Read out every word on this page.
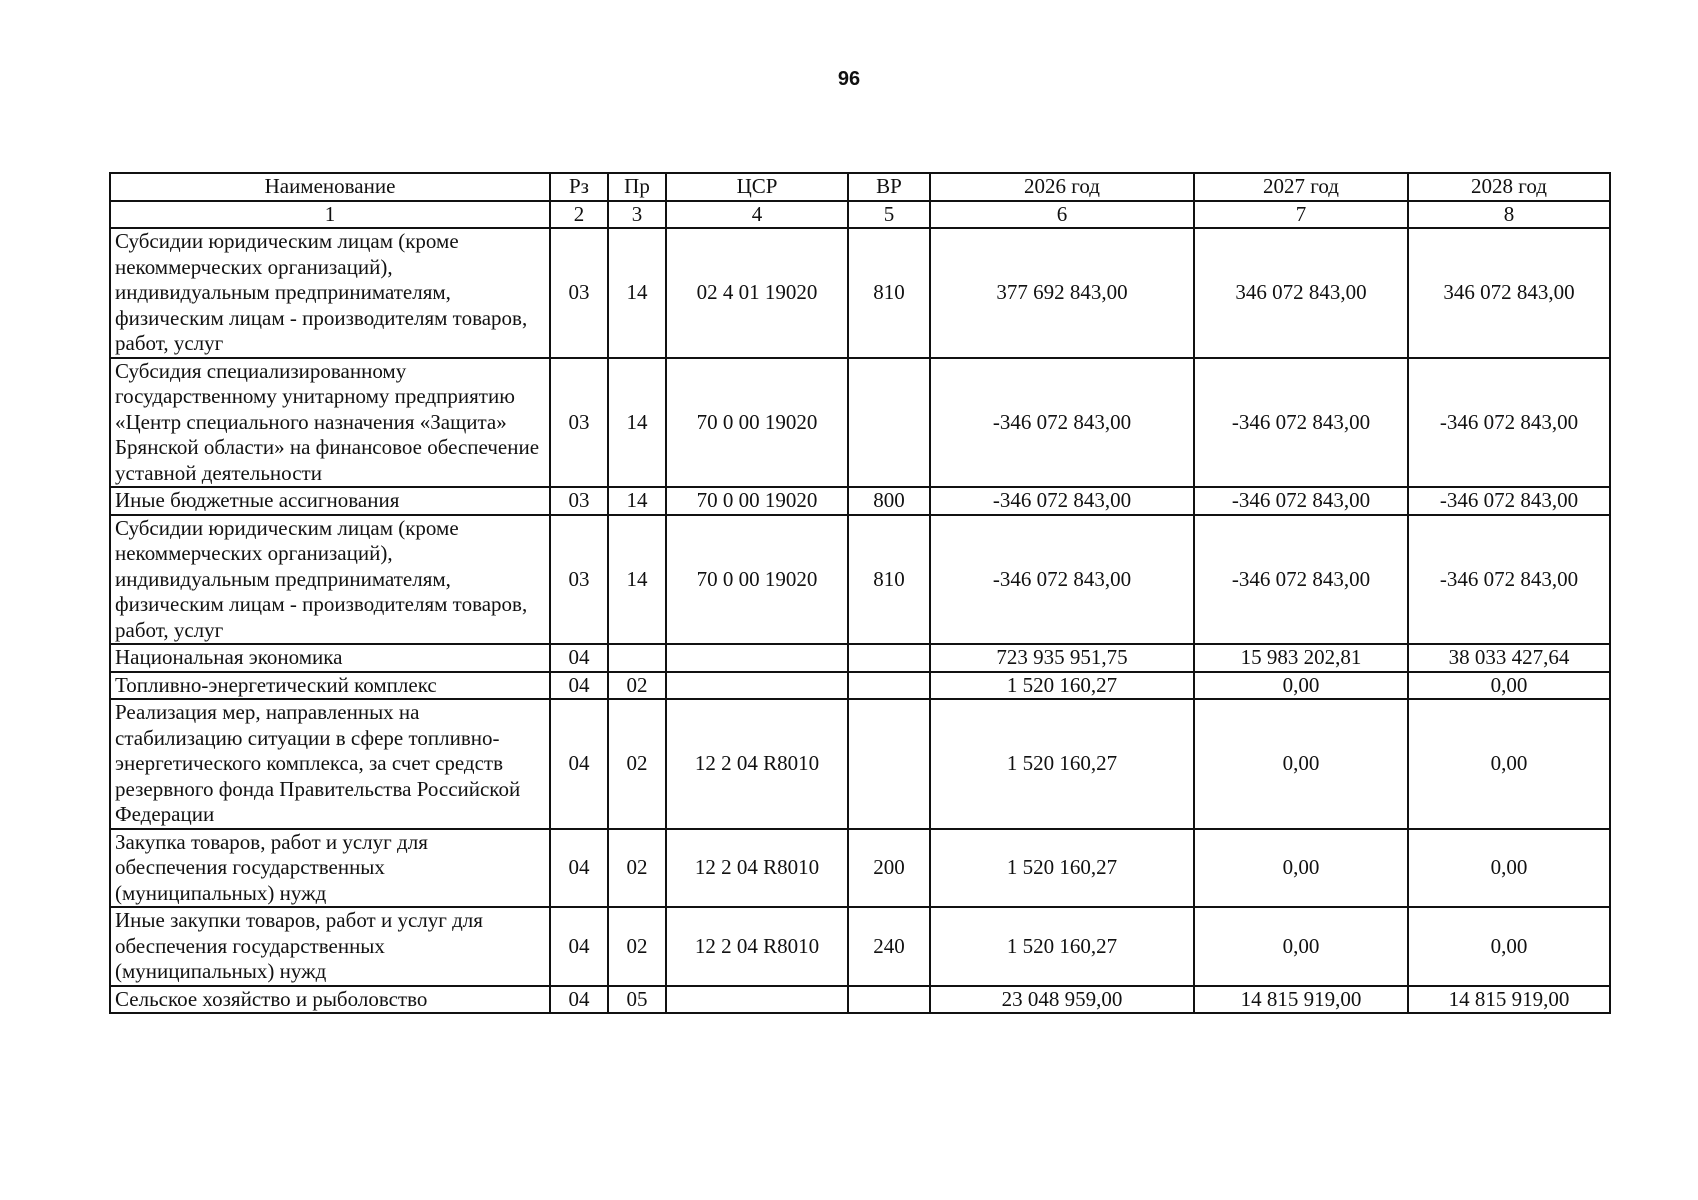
96
Наименование	Рз	Пр	ЦСР	ВР	2026 год	2027 год	2028 год
1	2	3	4	5	6	7	8
Субсидии юридическим лицам (кроме некоммерческих организаций), индивидуальным предпринимателям, физическим лицам - производителям товаров, работ, услуг	03	14	02 4 01 19020	810	377 692 843,00	346 072 843,00	346 072 843,00
Субсидия специализированному государственному унитарному предприятию «Центр специального назначения «Защита» Брянской области» на финансовое обеспечение уставной деятельности	03	14	70 0 00 19020		-346 072 843,00	-346 072 843,00	-346 072 843,00
Иные бюджетные ассигнования	03	14	70 0 00 19020	800	-346 072 843,00	-346 072 843,00	-346 072 843,00
Субсидии юридическим лицам (кроме некоммерческих организаций), индивидуальным предпринимателям, физическим лицам - производителям товаров, работ, услуг	03	14	70 0 00 19020	810	-346 072 843,00	-346 072 843,00	-346 072 843,00
Национальная экономика	04				723 935 951,75	15 983 202,81	38 033 427,64
Топливно-энергетический комплекс	04	02			1 520 160,27	0,00	0,00
Реализация мер, направленных на стабилизацию ситуации в сфере топливно-энергетического комплекса, за счет средств резервного фонда Правительства Российской Федерации	04	02	12 2 04 R8010		1 520 160,27	0,00	0,00
Закупка товаров, работ и услуг для обеспечения государственных (муниципальных) нужд	04	02	12 2 04 R8010	200	1 520 160,27	0,00	0,00
Иные закупки товаров, работ и услуг для обеспечения государственных (муниципальных) нужд	04	02	12 2 04 R8010	240	1 520 160,27	0,00	0,00
Сельское хозяйство и рыболовство	04	05			23 048 959,00	14 815 919,00	14 815 919,00
